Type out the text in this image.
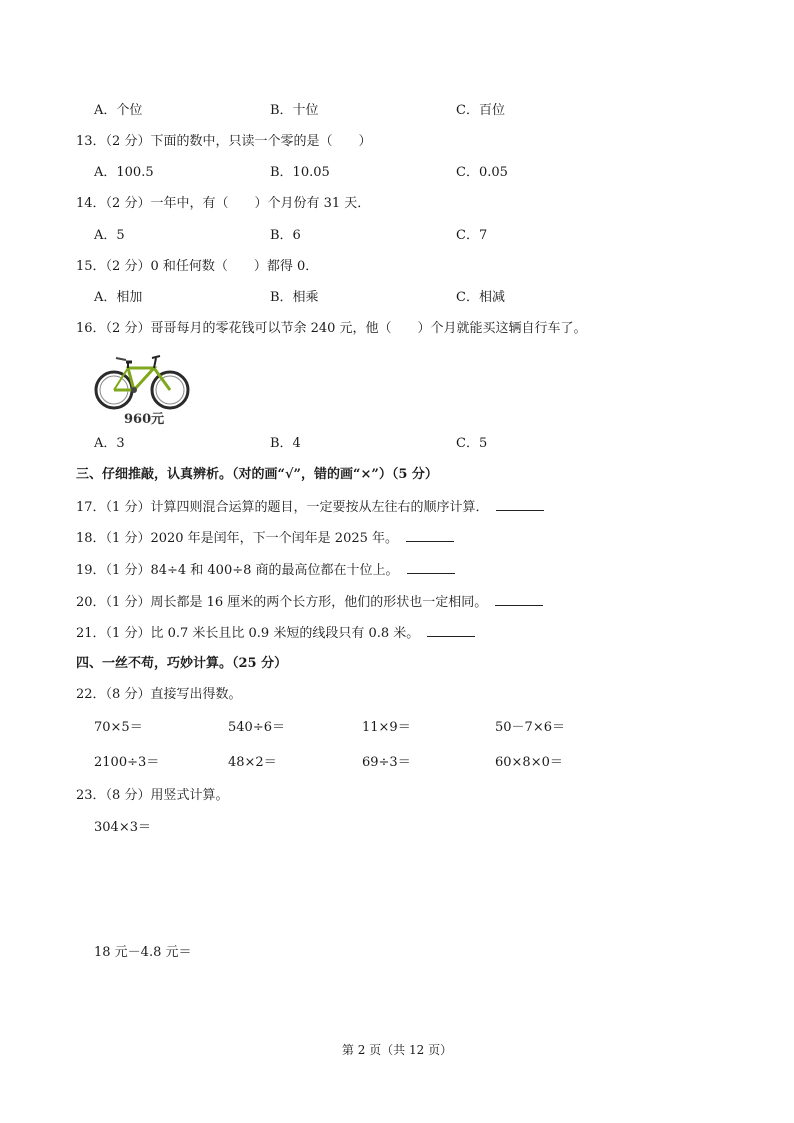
A．个位	B．十位	C．百位
13．（2 分）下面的数中，只读一个零的是（　　）
A．100.5	B．10.05	C．0.05
14．（2 分）一年中，有（　　）个月份有 31 天．
A．5	B．6	C．7
15．（2 分）0 和任何数（　　）都得 0．
A．相加	B．相乘	C．相减
16．（2 分）哥哥每月的零花钱可以节余 240 元，他（　　）个月就能买这辆自行车了。
960元
A．3	B．4	C．5
三、仔细推敲，认真辨析。（对的画“√”，错的画“×”）（5 分）
17．（1 分）计算四则混合运算的题目，一定要按从左往右的顺序计算．
18．（1 分）2020 年是闰年，下一个闰年是 2025 年。
19．（1 分）84÷4 和 400÷8 商的最高位都在十位上。
20．（1 分）周长都是 16 厘米的两个长方形，他们的形状也一定相同。
21．（1 分）比 0.7 米长且比 0.9 米短的线段只有 0.8 米。
四、一丝不苟，巧妙计算。（25 分）
22．（8 分）直接写出得数。
70×5＝	540÷6＝	11×9＝	50－7×6＝
2100÷3＝	48×2＝	69÷3＝	60×8×0＝
23．（8 分）用竖式计算。
304×3＝
18 元－4.8 元＝
第 2 页（共 12 页）
